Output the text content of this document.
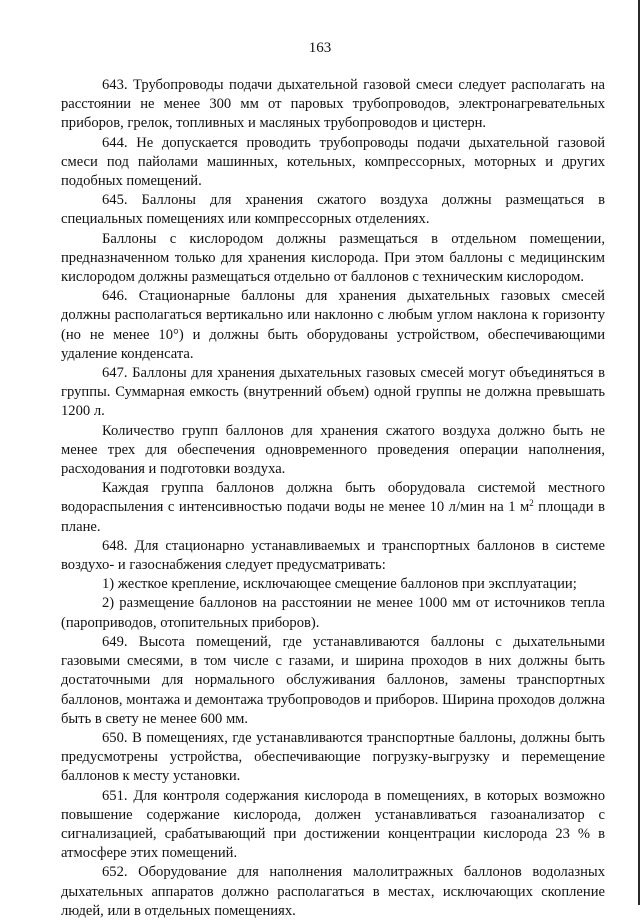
163

643. Трубопроводы подачи дыхательной газовой смеси следует располагать на расстоянии не менее 300 мм от паровых трубопроводов, электронагревательных приборов, грелок, топливных и масляных трубопроводов и цистерн.

644. Не допускается проводить трубопроводы подачи дыхательной газовой смеси под пайолами машинных, котельных, компрессорных, моторных и других подобных помещений.

645. Баллоны для хранения сжатого воздуха должны размещаться в специальных помещениях или компрессорных отделениях.

Баллоны с кислородом должны размещаться в отдельном помещении, предназначенном только для хранения кислорода. При этом баллоны с медицинским кислородом должны размещаться отдельно от баллонов с техническим кислородом.

646. Стационарные баллоны для хранения дыхательных газовых смесей должны располагаться вертикально или наклонно с любым углом наклона к горизонту (но не менее 10°) и должны быть оборудованы устройством, обеспечивающими удаление конденсата.

647. Баллоны для хранения дыхательных газовых смесей могут объединяться в группы. Суммарная емкость (внутренний объем) одной группы не должна превышать 1200 л.

Количество групп баллонов для хранения сжатого воздуха должно быть не менее трех для обеспечения одновременного проведения операции наполнения, расходования и подготовки воздуха.

Каждая группа баллонов должна быть оборудовала системой местного водораспыления с интенсивностью подачи воды не менее 10 л/мин на 1 $м^2$ площади в плане.

648. Для стационарно устанавливаемых и транспортных баллонов в системе воздухо- и газоснабжения следует предусматривать:

1) жесткое крепление, исключающее смещение баллонов при эксплуатации;

2) размещение баллонов на расстоянии не менее 1000 мм от источников тепла (пароприводов, отопительных приборов).

649. Высота помещений, где устанавливаются баллоны с дыхательными газовыми смесями, в том числе с газами, и ширина проходов в них должны быть достаточными для нормального обслуживания баллонов, замены транспортных баллонов, монтажа и демонтажа трубопроводов и приборов. Ширина проходов должна быть в свету не менее 600 мм.

650. В помещениях, где устанавливаются транспортные баллоны, должны быть предусмотрены устройства, обеспечивающие погрузку-выгрузку и перемещение баллонов к месту установки.

651. Для контроля содержания кислорода в помещениях, в которых возможно повышение содержание кислорода, должен устанавливаться газоанализатор с сигнализацией, срабатывающий при достижении концентрации кислорода 23 % в атмосфере этих помещений.

652. Оборудование для наполнения малолитражных баллонов водолазных дыхательных аппаратов должно располагаться в местах, исключающих скопление людей, или в отдельных помещениях.
